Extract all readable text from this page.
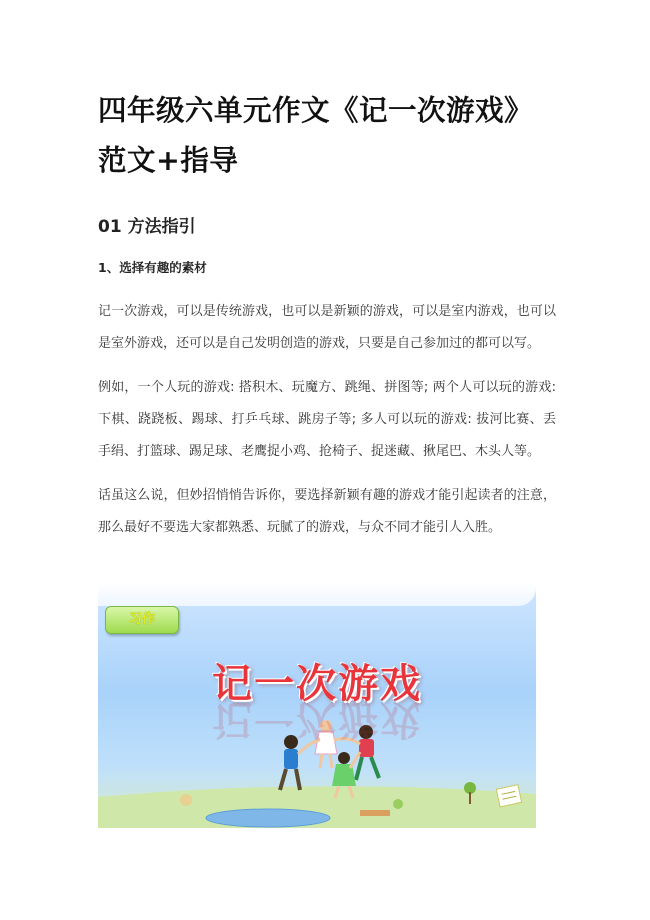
四年级六单元作文《记一次游戏》范文+指导
01 方法指引
1、选择有趣的素材

记一次游戏，可以是传统游戏，也可以是新颖的游戏，可以是室内游戏，也可以是室外游戏，还可以是自己发明创造的游戏，只要是自己参加过的都可以写。

例如，一个人玩的游戏: 搭积木、玩魔方、跳绳、拼图等; 两个人可以玩的游戏: 下棋、跷跷板、踢球、打乒乓球、跳房子等; 多人可以玩的游戏: 拔河比赛、丢手绢、打篮球、踢足球、老鹰捉小鸡、抢椅子、捉迷藏、揪尾巴、木头人等。

话虽这么说，但妙招悄悄告诉你，要选择新颖有趣的游戏才能引起读者的注意，那么最好不要选大家都熟悉、玩腻了的游戏，与众不同才能引人入胜。

记一次游戏
记一次游戏
习作
